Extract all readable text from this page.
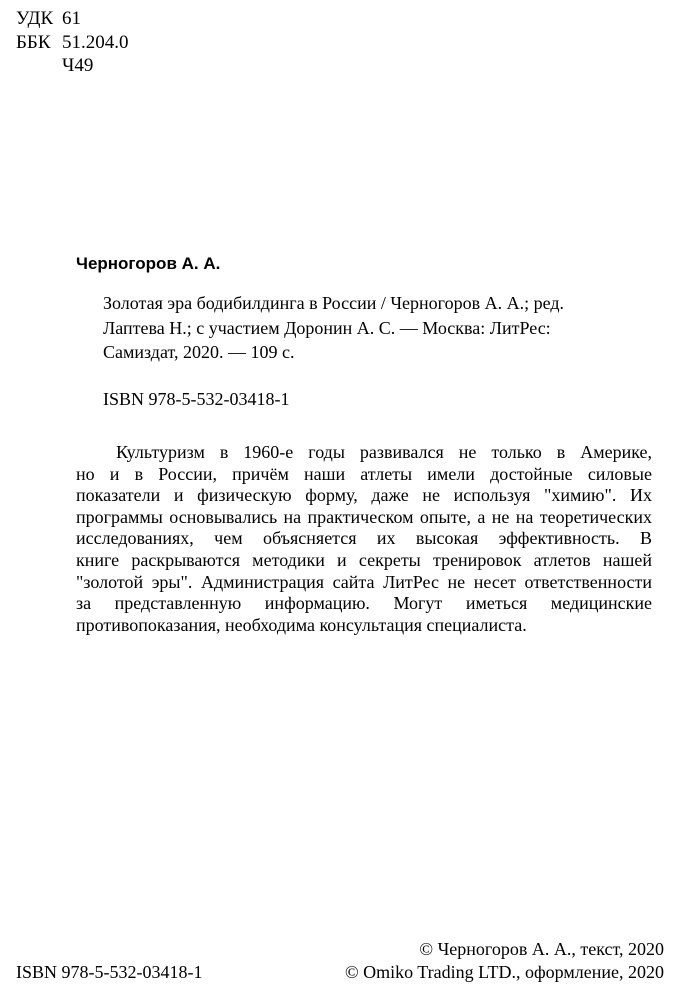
УДК 61
ББК 51.204.0
Ч49
Черногоров А. А.
Золотая эра бодибилдинга в России / Черногоров А. А.; ред.
Лаптева Н.; с участием Доронин А. С. — Москва: ЛитРес:
Самиздат, 2020. — 109 с.
ISBN 978-5-532-03418-1
Культуризм в 1960-е годы развивался не только в Америке,
но и в России, причём наши атлеты имели достойные силовые
показатели и физическую форму, даже не используя "химию". Их
программы основывались на практическом опыте, а не на теоретических
исследованиях, чем объясняется их высокая эффективность. В
книге раскрываются методики и секреты тренировок атлетов нашей
"золотой эры". Администрация сайта ЛитРес не несет ответственности
за представленную информацию. Могут иметься медицинские
противопоказания, необходима консультация специалиста.
© Черногоров А. А., текст, 2020
ISBN 978-5-532-03418-1	© Omiko Trading LTD., оформление, 2020
